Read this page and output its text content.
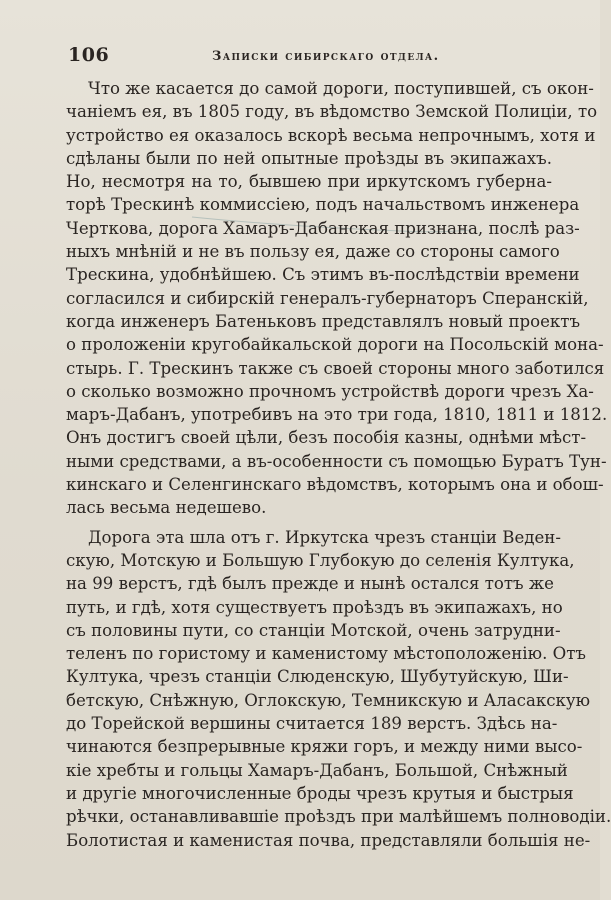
106	Записки сибирскаго отдела.
Что же касается до самой дороги, поступившей, съ окон-
чаніемъ ея, въ 1805 году, въ вѣдомство Земской Полиціи, то
устройство ея оказалось вскорѣ весьма непрочнымъ, хотя и
сдѣланы были по ней опытные проѣзды въ экипажахъ.
Но, несмотря на то, бывшею при иркутскомъ губерна-
торѣ Трескинѣ коммиссіею, подъ начальствомъ инженера
Черткова, дорога Хамаръ-Дабанская признана, послѣ раз-
ныхъ мнѣній и не въ пользу ея, даже со стороны самого
Трескина, удобнѣйшею. Съ этимъ въ-послѣдствіи времени
согласился и сибирскій генералъ-губернаторъ Сперанскій,
когда инженеръ Батеньковъ представлялъ новый проектъ
о проложеніи кругобайкальской дороги на Посольскій мона-
стырь. Г. Трескинъ также съ своей стороны много заботился
о сколько возможно прочномъ устройствѣ дороги чрезъ Ха-
маръ-Дабанъ, употребивъ на это три года, 1810, 1811 и 1812.
Онъ достигъ своей цѣли, безъ пособія казны, однѣми мѣст-
ными средствами, а въ-особенности съ помощью Буратъ Тун-
кинскаго и Селенгинскаго вѣдомствъ, которымъ она и обош-
лась весьма недешево.
Дорога эта шла отъ г. Иркутска чрезъ станціи Веден-
скую, Мотскую и Большую Глубокую до селенія Култука,
на 99 верстъ, гдѣ былъ прежде и нынѣ остался тотъ же
путь, и гдѣ, хотя существуетъ проѣздъ въ экипажахъ, но
съ половины пути, со станціи Мотской, очень затрудни-
теленъ по гористому и каменистому мѣстоположенію. Отъ
Култука, чрезъ станціи Слюденскую, Шубутуйскую, Ши-
бетскую, Снѣжную, Оглокскую, Темникскую и Аласакскую
до Торейской вершины считается 189 верстъ. Здѣсь на-
чинаются безпрерывные кряжи горъ, и между ними высо-
кіе хребты и гольцы Хамаръ-Дабанъ, Большой, Снѣжный
и другіе многочисленные броды чрезъ крутыя и быстрыя
рѣчки, останавливавшіе проѣздъ при малѣйшемъ полноводіи.
Болотистая и каменистая почва, представляли большія не-
